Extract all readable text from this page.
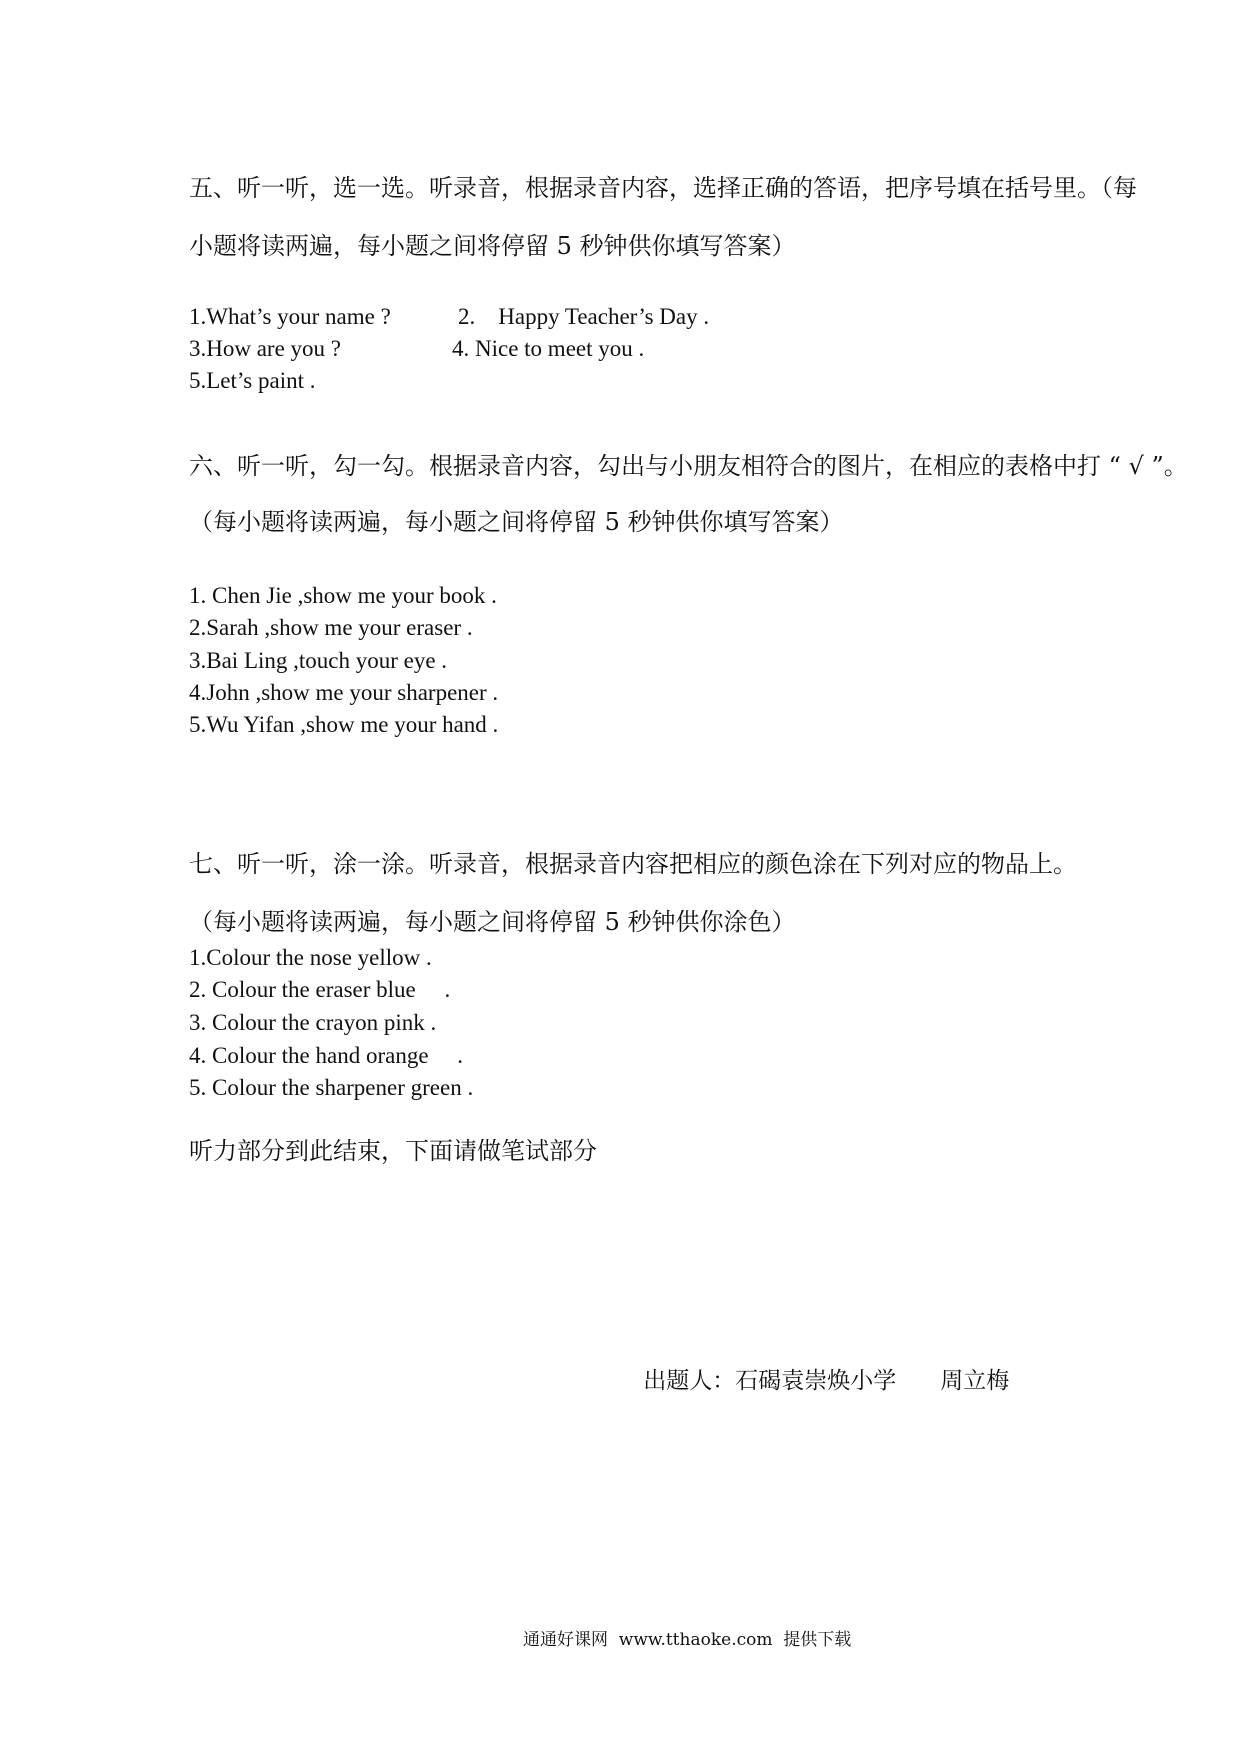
五、听一听，选一选。听录音，根据录音内容，选择正确的答语，把序号填在括号里。（每
小题将读两遍，每小题之间将停留 5 秒钟供你填写答案）
1.What’s your name ?	2.    Happy Teacher’s Day .
3.How are you ?	4. Nice to meet you .
5.Let’s paint .
六、听一听，勾一勾。根据录音内容，勾出与小朋友相符合的图片，在相应的表格中打 “ √ ”。
（每小题将读两遍，每小题之间将停留 5 秒钟供你填写答案）
1. Chen Jie ,show me your book .
2.Sarah ,show me your eraser .
3.Bai Ling ,touch your eye .
4.John ,show me your sharpener .
5.Wu Yifan ,show me your hand .
七、听一听，涂一涂。听录音，根据录音内容把相应的颜色涂在下列对应的物品上。
（每小题将读两遍，每小题之间将停留 5 秒钟供你涂色）
1.Colour the nose yellow .
2. Colour the eraser blue     .
3. Colour the crayon pink .
4. Colour the hand orange     .
5. Colour the sharpener green .
听力部分到此结束，下面请做笔试部分

出题人：石碣袁崇焕小学 周立梅

通通好课网  www.tthaoke.com  提供下载
